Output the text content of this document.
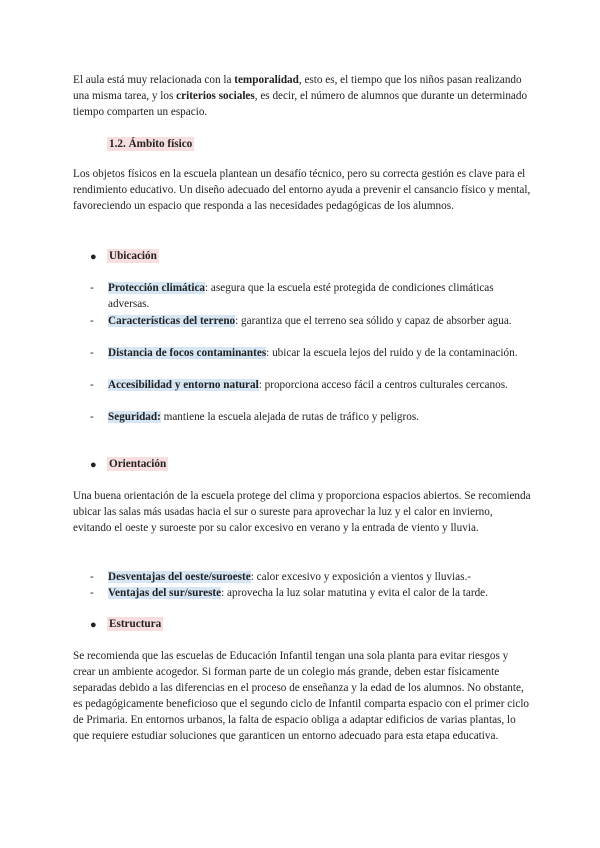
El aula está muy relacionada con la temporalidad, esto es, el tiempo que los niños pasan realizando una misma tarea, y los criterios sociales, es decir, el número de alumnos que durante un determinado tiempo comparten un espacio.

1.2. Ámbito físico

Los objetos físicos en la escuela plantean un desafío técnico, pero su correcta gestión es clave para el rendimiento educativo. Un diseño adecuado del entorno ayuda a prevenir el cansancio físico y mental, favoreciendo un espacio que responda a las necesidades pedagógicas de los alumnos.

● Ubicación
- Protección climática: asegura que la escuela esté protegida de condiciones climáticas adversas.

- Características del terreno: garantiza que el terreno sea sólido y capaz de absorber agua.

- Distancia de focos contaminantes: ubicar la escuela lejos del ruido y de la contaminación.

- Accesibilidad y entorno natural: proporciona acceso fácil a centros culturales cercanos.

- Seguridad: mantiene la escuela alejada de rutas de tráfico y peligros.

● Orientación

Una buena orientación de la escuela protege del clima y proporciona espacios abiertos. Se recomienda ubicar las salas más usadas hacia el sur o sureste para aprovechar la luz y el calor en invierno, evitando el oeste y suroeste por su calor excesivo en verano y la entrada de viento y lluvia.

- Desventajas del oeste/suroeste: calor excesivo y exposición a vientos y lluvias.-

- Ventajas del sur/sureste: aprovecha la luz solar matutina y evita el calor de la tarde.

● Estructura

Se recomienda que las escuelas de Educación Infantil tengan una sola planta para evitar riesgos y crear un ambiente acogedor. Si forman parte de un colegio más grande, deben estar físicamente separadas debido a las diferencias en el proceso de enseñanza y la edad de los alumnos. No obstante, es pedagógicamente beneficioso que el segundo ciclo de Infantil comparta espacio con el primer ciclo de Primaria. En entornos urbanos, la falta de espacio obliga a adaptar edificios de varias plantas, lo que requiere estudiar soluciones que garanticen un entorno adecuado para esta etapa educativa.
